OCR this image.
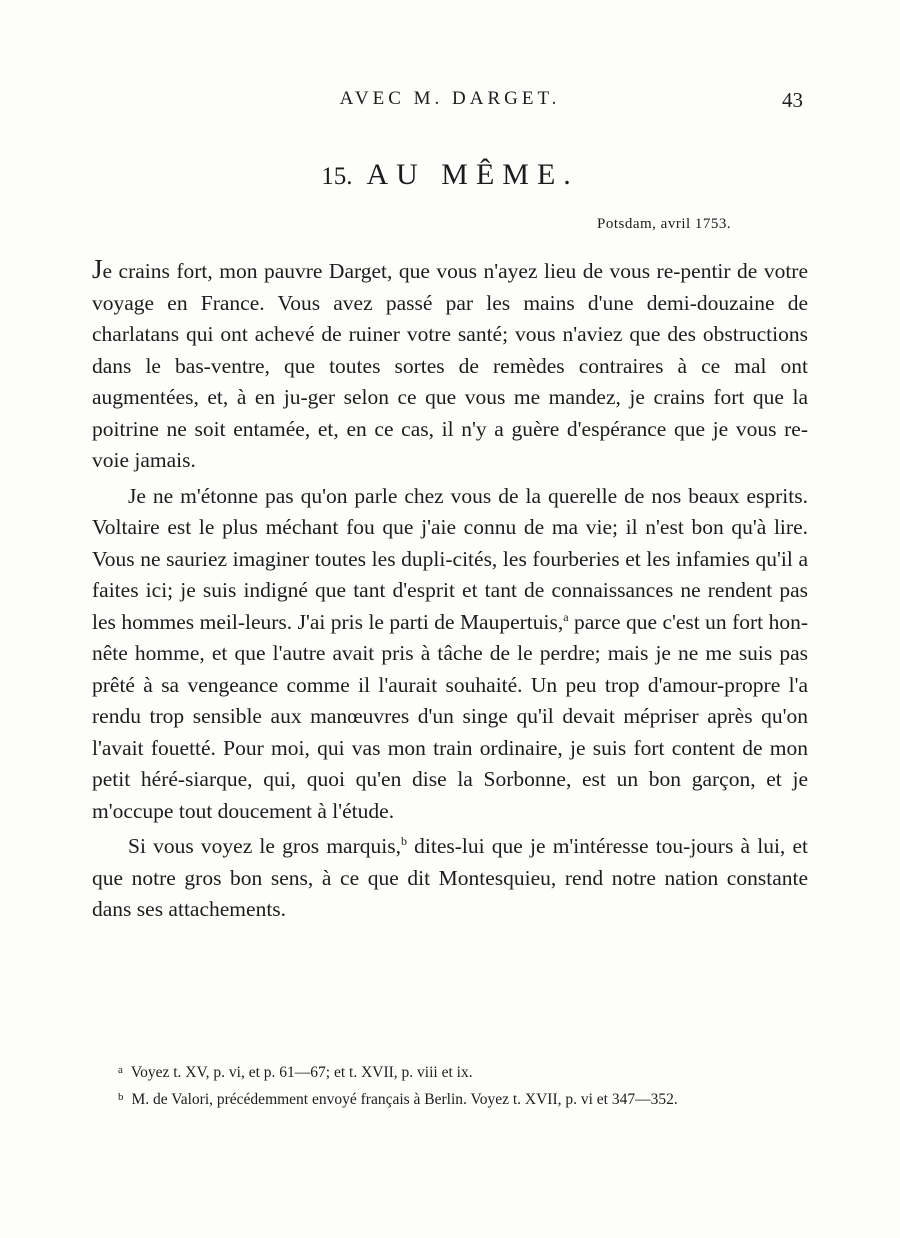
AVEC M. DARGET.	43
15. AU MÊME.
Potsdam, avril 1753.

Je crains fort, mon pauvre Darget, que vous n'ayez lieu de vous re-pentir de votre voyage en France. Vous avez passé par les mains d'une demi-douzaine de charlatans qui ont achevé de ruiner votre santé; vous n'aviez que des obstructions dans le bas-ventre, que toutes sortes de remèdes contraires à ce mal ont augmentées, et, à en ju-ger selon ce que vous me mandez, je crains fort que la poitrine ne soit entamée, et, en ce cas, il n'y a guère d'espérance que je vous re-voie jamais.

Je ne m'étonne pas qu'on parle chez vous de la querelle de nos beaux esprits. Voltaire est le plus méchant fou que j'aie connu de ma vie; il n'est bon qu'à lire. Vous ne sauriez imaginer toutes les dupli-cités, les fourberies et les infamies qu'il a faites ici; je suis indigné que tant d'esprit et tant de connaissances ne rendent pas les hommes meil-leurs. J'ai pris le parti de Maupertuis,$^a$ parce que c'est un fort hon-nête homme, et que l'autre avait pris à tâche de le perdre; mais je ne me suis pas prêté à sa vengeance comme il l'aurait souhaité. Un peu trop d'amour-propre l'a rendu trop sensible aux manœuvres d'un singe qu'il devait mépriser après qu'on l'avait fouetté. Pour moi, qui vas mon train ordinaire, je suis fort content de mon petit héré-siarque, qui, quoi qu'en dise la Sorbonne, est un bon garçon, et je m'occupe tout doucement à l'étude.

Si vous voyez le gros marquis,$^b$ dites-lui que je m'intéresse tou-jours à lui, et que notre gros bon sens, à ce que dit Montesquieu, rend notre nation constante dans ses attachements.

$^a$ Voyez t. XV, p. vi, et p. 61—67; et t. XVII, p. viii et ix.
$^b$ M. de Valori, précédemment envoyé français à Berlin. Voyez t. XVII, p. vi et 347—352.
